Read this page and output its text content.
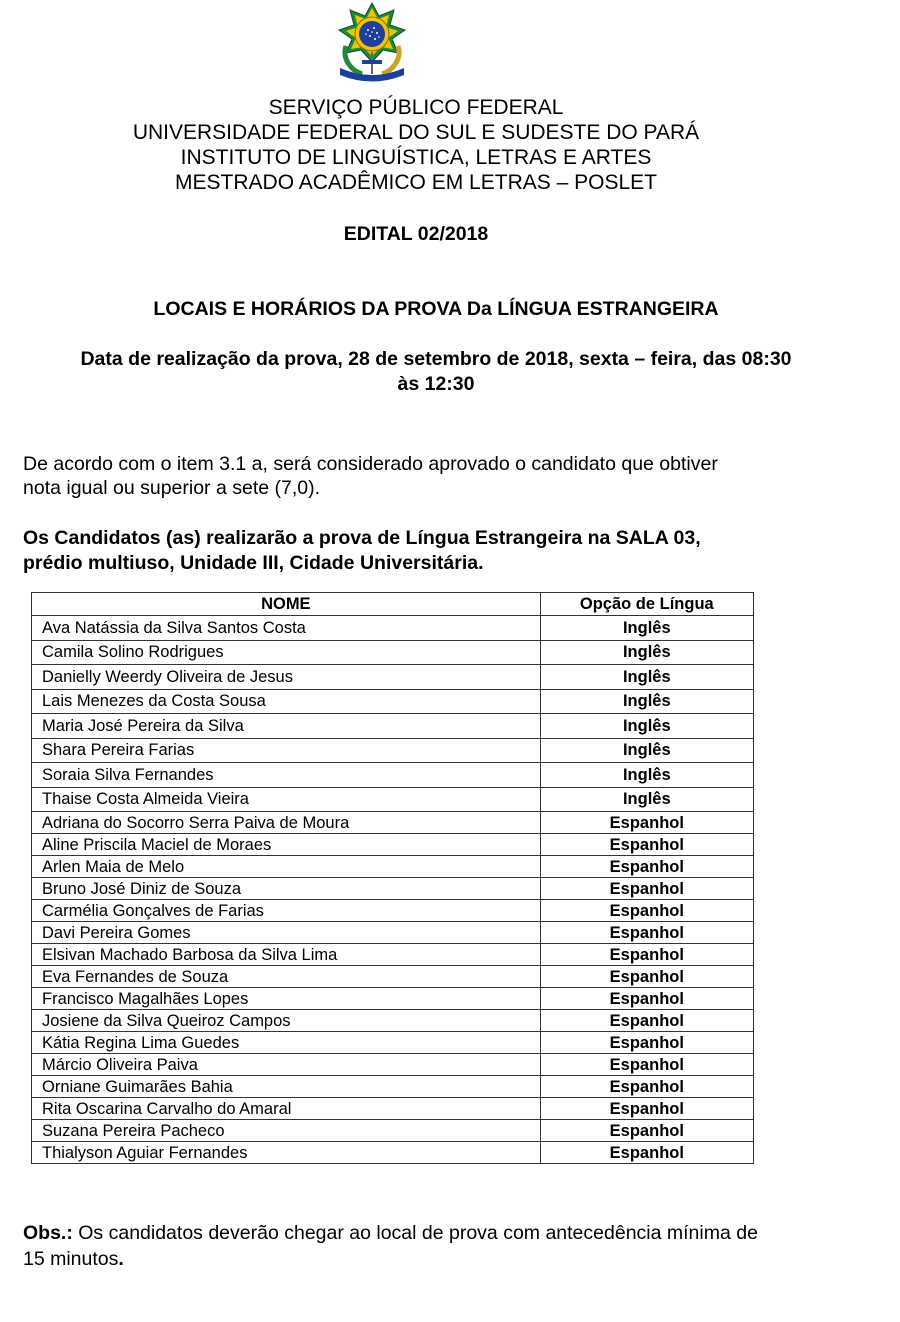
SERVIÇO PÚBLICO FEDERAL
UNIVERSIDADE FEDERAL DO SUL E SUDESTE DO PARÁ
INSTITUTO DE LINGUÍSTICA, LETRAS E ARTES
MESTRADO ACADÊMICO EM LETRAS – POSLET
EDITAL 02/2018
LOCAIS E HORÁRIOS DA PROVA Da LÍNGUA ESTRANGEIRA
Data de realização da prova, 28 de setembro de 2018, sexta – feira, das 08:30
às 12:30
De acordo com o item 3.1 a, será considerado aprovado o candidato que obtiver
nota igual ou superior a sete (7,0).
Os Candidatos (as) realizarão a prova de Língua Estrangeira na SALA 03,
prédio multiuso, Unidade III, Cidade Universitária.
NOME	Opção de Língua
Ava Natássia da Silva Santos Costa	Inglês
Camila Solino Rodrigues	Inglês
Danielly Weerdy Oliveira de Jesus	Inglês
Lais Menezes da Costa Sousa	Inglês
Maria José Pereira da Silva	Inglês
Shara Pereira Farias	Inglês
Soraia Silva Fernandes	Inglês
Thaise Costa Almeida Vieira	Inglês
Adriana do Socorro Serra Paiva de Moura	Espanhol
Aline Priscila Maciel de Moraes	Espanhol
Arlen Maia de Melo	Espanhol
Bruno José Diniz de Souza	Espanhol
Carmélia Gonçalves de Farias	Espanhol
Davi Pereira Gomes	Espanhol
Elsivan Machado Barbosa da Silva Lima	Espanhol
Eva Fernandes de Souza	Espanhol
Francisco Magalhães Lopes	Espanhol
Josiene da Silva Queiroz Campos	Espanhol
Kátia Regina Lima Guedes	Espanhol
Márcio Oliveira Paiva	Espanhol
Orniane Guimarães Bahia	Espanhol
Rita Oscarina Carvalho do Amaral	Espanhol
Suzana Pereira Pacheco	Espanhol
Thialyson Aguiar Fernandes	Espanhol
Obs.: Os candidatos deverão chegar ao local de prova com antecedência mínima de
15 minutos.
